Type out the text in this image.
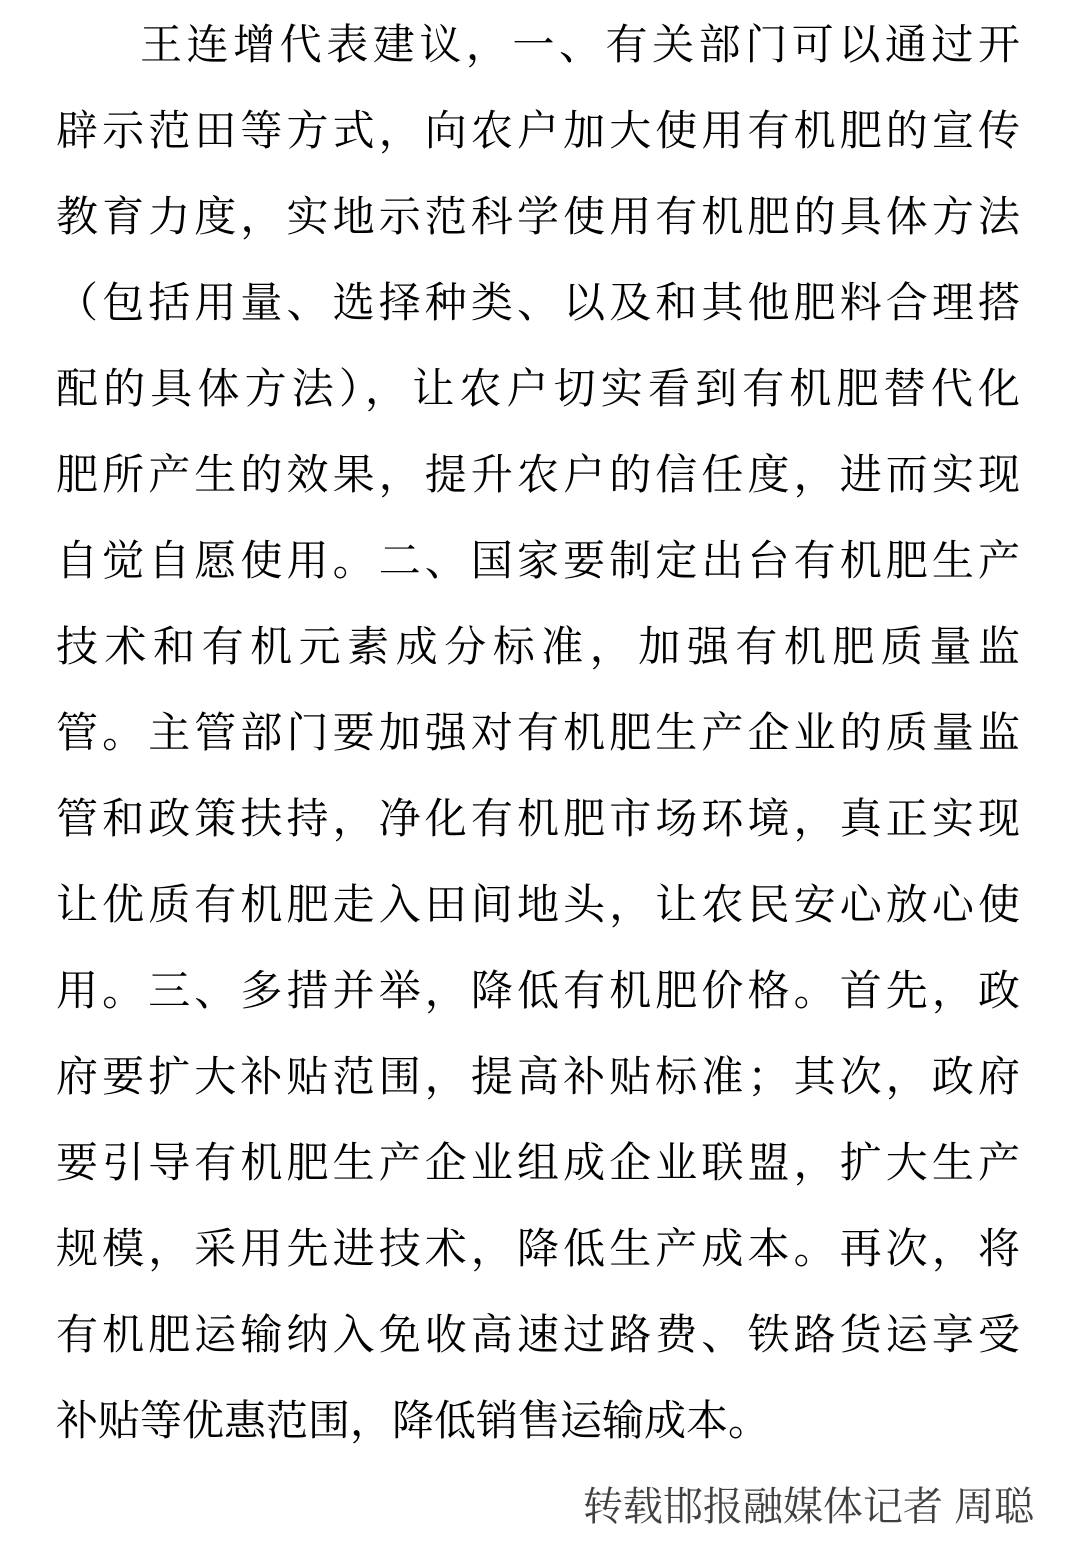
王连增代表建议，一、有关部门可以通过开
辟示范田等方式，向农户加大使用有机肥的宣传
教育力度，实地示范科学使用有机肥的具体方法
（包括用量、选择种类、以及和其他肥料合理搭
配的具体方法），让农户切实看到有机肥替代化
肥所产生的效果，提升农户的信任度，进而实现
自觉自愿使用。二、国家要制定出台有机肥生产
技术和有机元素成分标准，加强有机肥质量监
管。主管部门要加强对有机肥生产企业的质量监
管和政策扶持，净化有机肥市场环境，真正实现
让优质有机肥走入田间地头，让农民安心放心使
用。三、多措并举，降低有机肥价格。首先，政
府要扩大补贴范围，提高补贴标准；其次，政府
要引导有机肥生产企业组成企业联盟，扩大生产
规模，采用先进技术，降低生产成本。再次，将
有机肥运输纳入免收高速过路费、铁路货运享受
补贴等优惠范围，降低销售运输成本。
转载邯报融媒体记者 周聪
